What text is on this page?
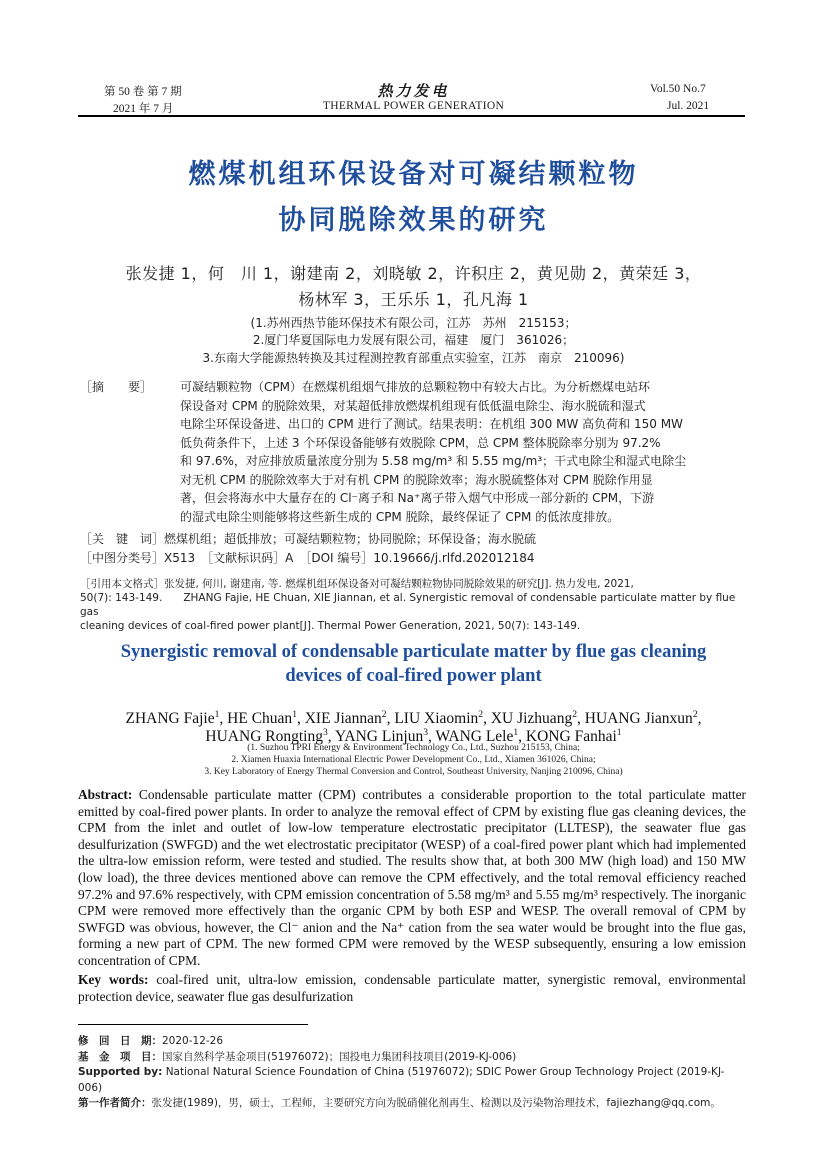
第 50 卷 第 7 期
2021 年 7 月
热力发电
THERMAL POWER GENERATION
Vol.50 No.7
Jul. 2021
燃煤机组环保设备对可凝结颗粒物
协同脱除效果的研究
张发捷 1，何　川 1，谢建南 2，刘晓敏 2，许积庄 2，黄见勋 2，黄荣廷 3，
杨林军 3，王乐乐 1，孔凡海 1
(1.苏州西热节能环保技术有限公司，江苏　苏州　215153；
2.厦门华夏国际电力发展有限公司，福建　厦门　361026；
3.东南大学能源热转换及其过程测控教育部重点实验室，江苏　南京　210096)
［摘　　要］ 可凝结颗粒物（CPM）在燃煤机组烟气排放的总颗粒物中有较大占比。为分析燃煤电站环
保设备对 CPM 的脱除效果，对某超低排放燃煤机组现有低低温电除尘、海水脱硫和湿式
电除尘环保设备进、出口的 CPM 进行了测试。结果表明：在机组 300 MW 高负荷和 150 MW
低负荷条件下，上述 3 个环保设备能够有效脱除 CPM，总 CPM 整体脱除率分别为 97.2%
和 97.6%，对应排放质量浓度分别为 5.58 mg/m³ 和 5.55 mg/m³；干式电除尘和湿式电除尘
对无机 CPM 的脱除效率大于对有机 CPM 的脱除效率；海水脱硫整体对 CPM 脱除作用显
著，但会将海水中大量存在的 Cl⁻离子和 Na⁺离子带入烟气中形成一部分新的 CPM，下游
的湿式电除尘则能够将这些新生成的 CPM 脱除，最终保证了 CPM 的低浓度排放。
［关　键　词］燃煤机组；超低排放；可凝结颗粒物；协同脱除；环保设备；海水脱硫
［中图分类号］X513　［文献标识码］A　［DOI 编号］10.19666/j.rlfd.202012184
［引用本文格式］张发捷, 何川, 谢建南, 等. 燃煤机组环保设备对可凝结颗粒物协同脱除效果的研究[J]. 热力发电, 2021,
50(7): 143-149.　　ZHANG Fajie, HE Chuan, XIE Jiannan, et al. Synergistic removal of condensable particulate matter by flue gas
cleaning devices of coal-fired power plant[J]. Thermal Power Generation, 2021, 50(7): 143-149.
Synergistic removal of condensable particulate matter by flue gas cleaning
devices of coal-fired power plant
ZHANG Fajie$^1$, HE Chuan$^1$, XIE Jiannan$^2$, LIU Xiaomin$^2$, XU Jizhuang$^2$, HUANG Jianxun$^2$,
HUANG Rongting$^3$, YANG Linjun$^3$, WANG Lele$^1$, KONG Fanhai$^1$
(1. Suzhou TPRI Energy & Environment Technology Co., Ltd., Suzhou 215153, China;
2. Xiamen Huaxia International Electric Power Development Co., Ltd., Xiamen 361026, China;
3. Key Laboratory of Energy Thermal Conversion and Control, Southeast University, Nanjing 210096, China)
Abstract: Condensable particulate matter (CPM) contributes a considerable proportion to the total particulate matter emitted by coal-fired power plants. In order to analyze the removal effect of CPM by existing flue gas cleaning devices, the CPM from the inlet and outlet of low-low temperature electrostatic precipitator (LLTESP), the seawater flue gas desulfurization (SWFGD) and the wet electrostatic precipitator (WESP) of a coal-fired power plant which had implemented the ultra-low emission reform, were tested and studied. The results show that, at both 300 MW (high load) and 150 MW (low load), the three devices mentioned above can remove the CPM effectively, and the total removal efficiency reached 97.2% and 97.6% respectively, with CPM emission concentration of 5.58 mg/m³ and 5.55 mg/m³ respectively. The inorganic CPM were removed more effectively than the organic CPM by both ESP and WESP. The overall removal of CPM by SWFGD was obvious, however, the Cl⁻ anion and the Na⁺ cation from the sea water would be brought into the flue gas, forming a new part of CPM. The new formed CPM were removed by the WESP subsequently, ensuring a low emission concentration of CPM.
Key words: coal-fired unit, ultra-low emission, condensable particulate matter, synergistic removal, environmental protection device, seawater flue gas desulfurization
修　回　日　期：2020-12-26
基　金　项　目：国家自然科学基金项目(51976072)；国投电力集团科技项目(2019-KJ-006)
Supported by: National Natural Science Foundation of China (51976072); SDIC Power Group Technology Project (2019-KJ-006)
第一作者简介：张发捷(1989)，男，硕士，工程师，主要研究方向为脱硝催化剂再生、检测以及污染物治理技术，fajiezhang@qq.com。
